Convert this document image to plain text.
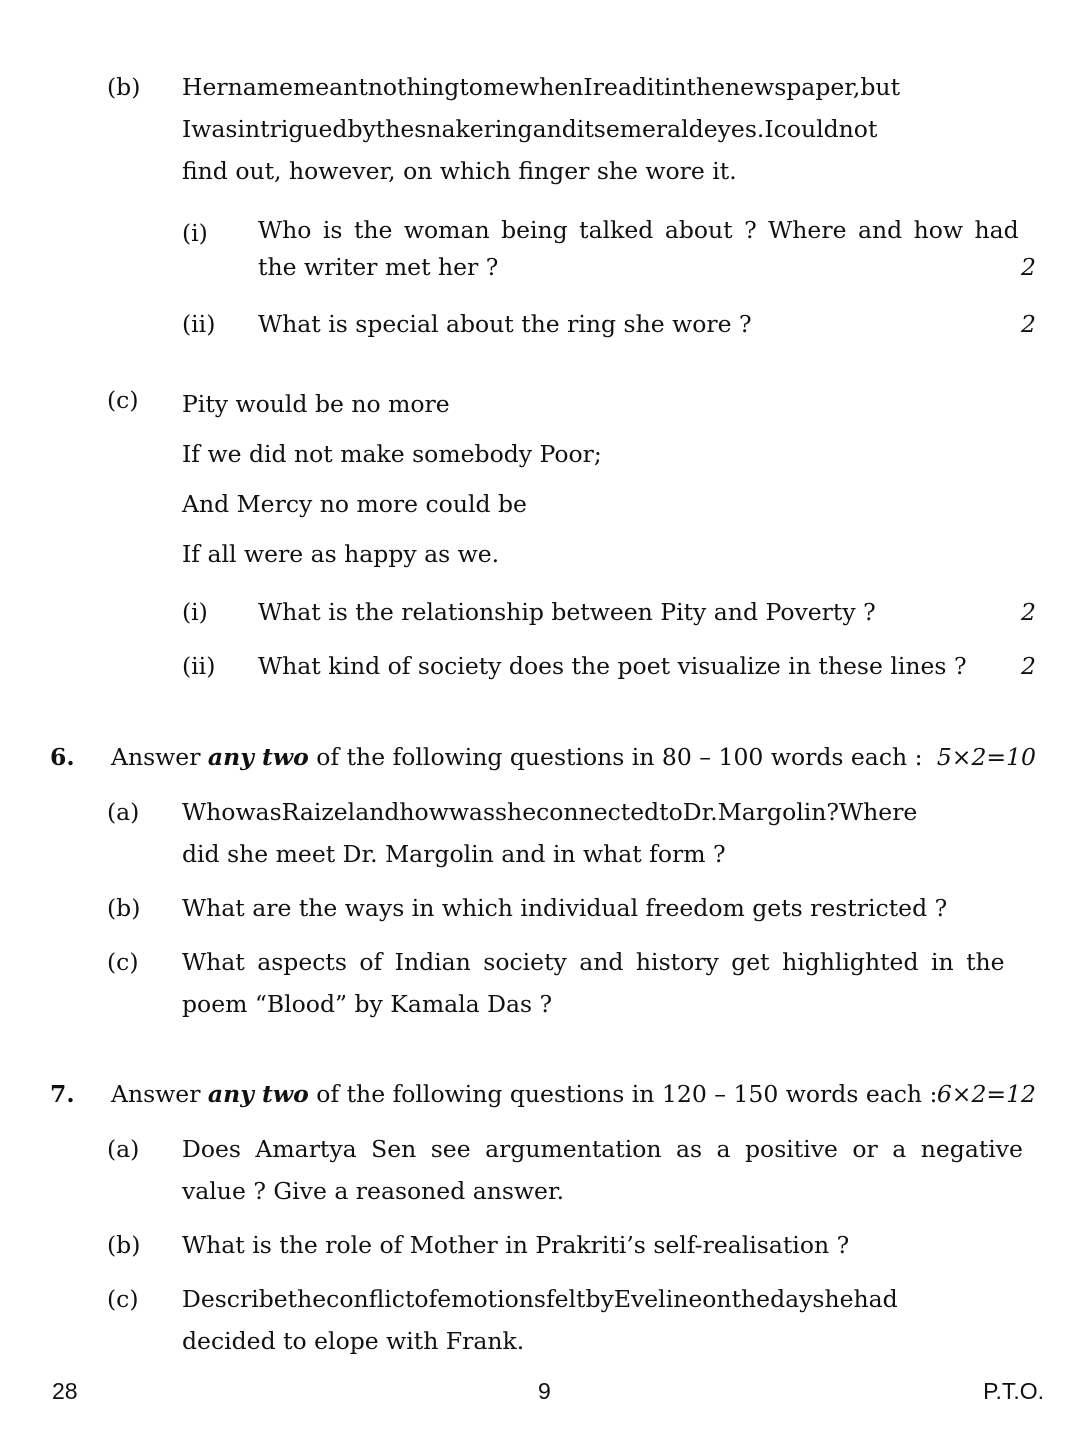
(b) HernamemeantnothingtomewhenIreaditinthenewspaper,but
Iwasintriguedbythesnakeringanditsemeraldeyes.Icouldnot
find out, however, on which finger she wore it.
(i) Who is the woman being talked about ? Where and how had
the writer met her ?	2
(ii) What is special about the ring she wore ?	2
(c) Pity would be no more
If we did not make somebody Poor;
And Mercy no more could be
If all were as happy as we.
(i) What is the relationship between Pity and Poverty ?	2
(ii) What kind of society does the poet visualize in these lines ?	2
6. Answer any two of the following questions in 80 – 100 words each : 5×2=10
(a) WhowasRaizelandhowwassheconnectedtoDr.Margolin?Where
did she meet Dr. Margolin and in what form ?
(b) What are the ways in which individual freedom gets restricted ?
(c) What aspects of Indian society and history get highlighted in the
poem “Blood” by Kamala Das ?
7. Answer any two of the following questions in 120 – 150 words each : 6×2=12
(a) Does Amartya Sen see argumentation as a positive or a negative
value ? Give a reasoned answer.
(b) What is the role of Mother in Prakriti’s self-realisation ?
(c) DescribetheconflictofemotionsfeltbyEvelineonthedayshehad
decided to elope with Frank.
28	9	P.T.O.
